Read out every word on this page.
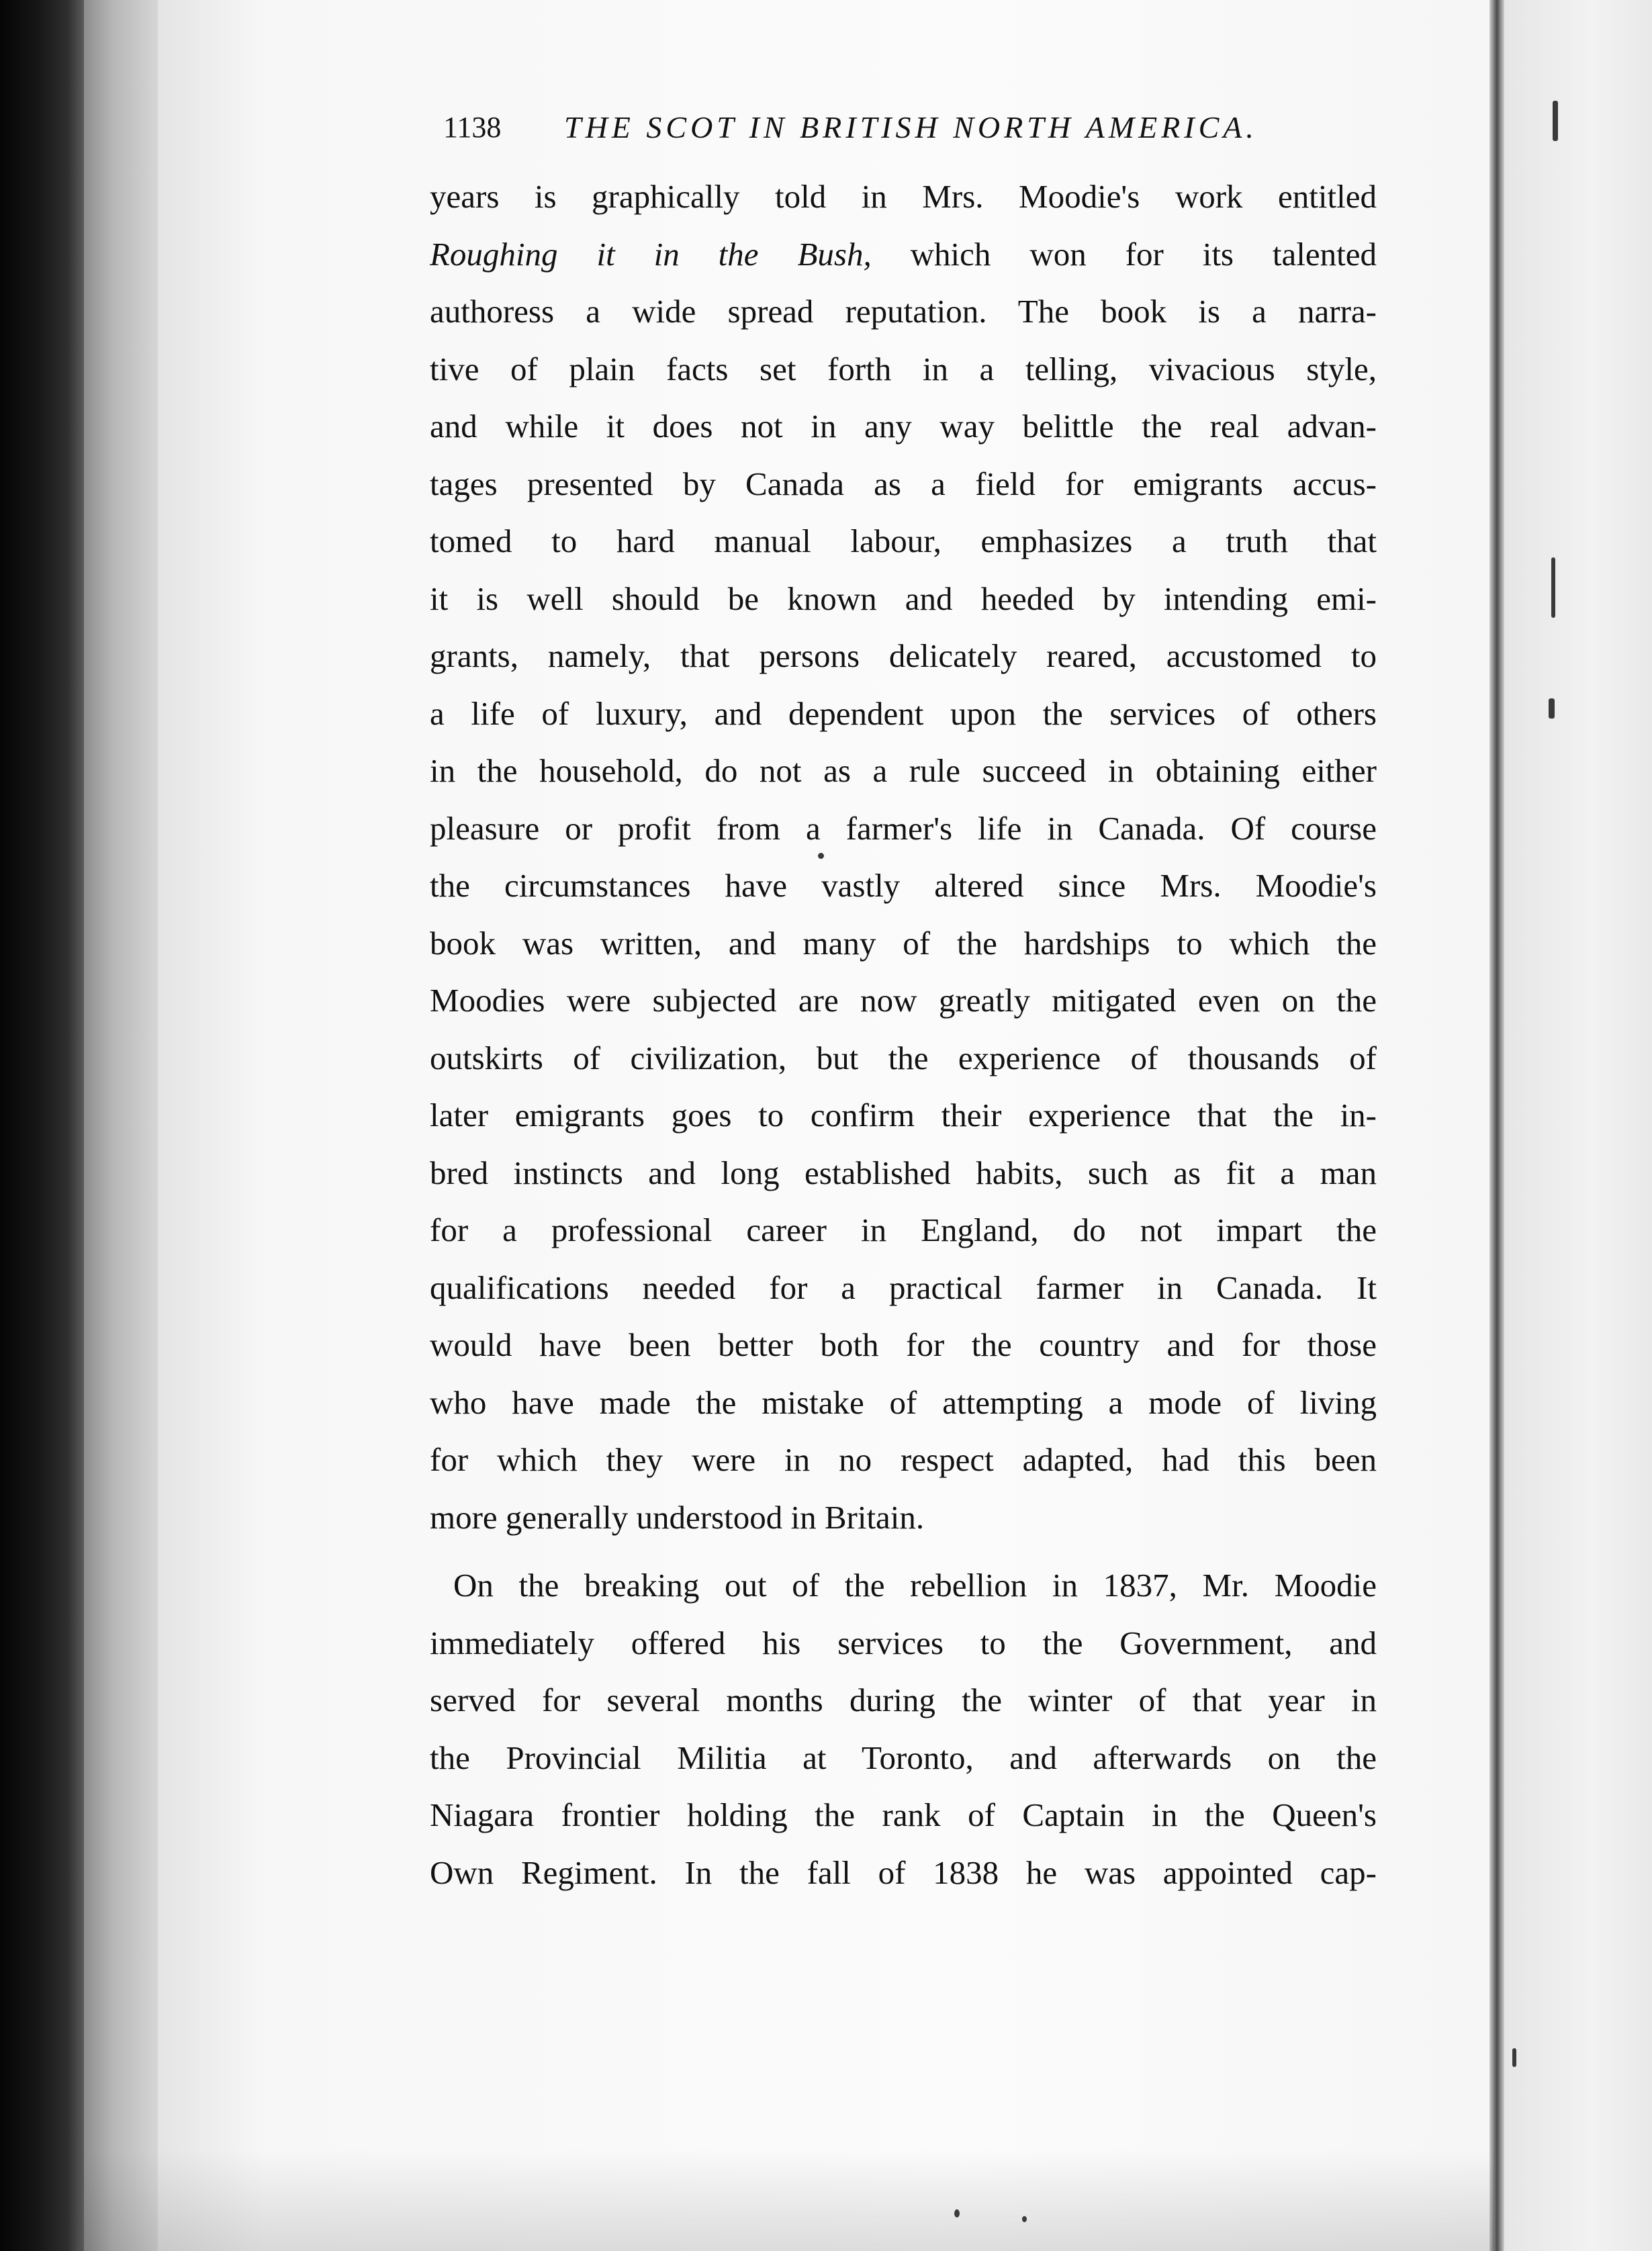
1138 THE SCOT IN BRITISH NORTH AMERICA.
years is graphically told in Mrs. Moodie's work entitled
Roughing it in the Bush, which won for its talented
authoress a wide spread reputation. The book is a narra-
tive of plain facts set forth in a telling, vivacious style,
and while it does not in any way belittle the real advan-
tages presented by Canada as a field for emigrants accus-
tomed to hard manual labour, emphasizes a truth that
it is well should be known and heeded by intending emi-
grants, namely, that persons delicately reared, accustomed to
a life of luxury, and dependent upon the services of others
in the household, do not as a rule succeed in obtaining either
pleasure or profit from a farmer's life in Canada. Of course
the circumstances have vastly altered since Mrs. Moodie's
book was written, and many of the hardships to which the
Moodies were subjected are now greatly mitigated even on the
outskirts of civilization, but the experience of thousands of
later emigrants goes to confirm their experience that the in-
bred instincts and long established habits, such as fit a man
for a professional career in England, do not impart the
qualifications needed for a practical farmer in Canada. It
would have been better both for the country and for those
who have made the mistake of attempting a mode of living
for which they were in no respect adapted, had this been
more generally understood in Britain.
On the breaking out of the rebellion in 1837, Mr. Moodie
immediately offered his services to the Government, and
served for several months during the winter of that year in
the Provincial Militia at Toronto, and afterwards on the
Niagara frontier holding the rank of Captain in the Queen's
Own Regiment. In the fall of 1838 he was appointed cap-
